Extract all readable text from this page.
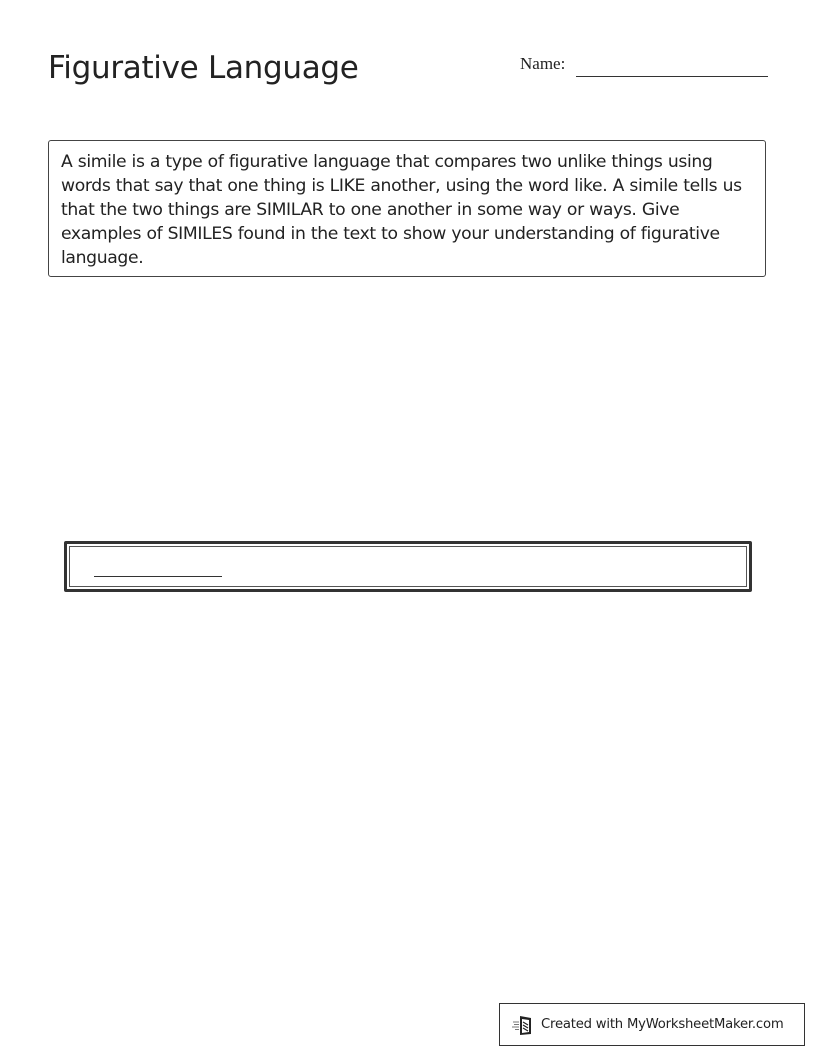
Figurative Language	Name:

A simile is a type of figurative language that compares two unlike things using words that say that one thing is LIKE another, using the word like. A simile tells us that the two things are SIMILAR to one another in some way or ways. Give examples of SIMILES found in the text to show your understanding of figurative language.

Created with MyWorksheetMaker.com
